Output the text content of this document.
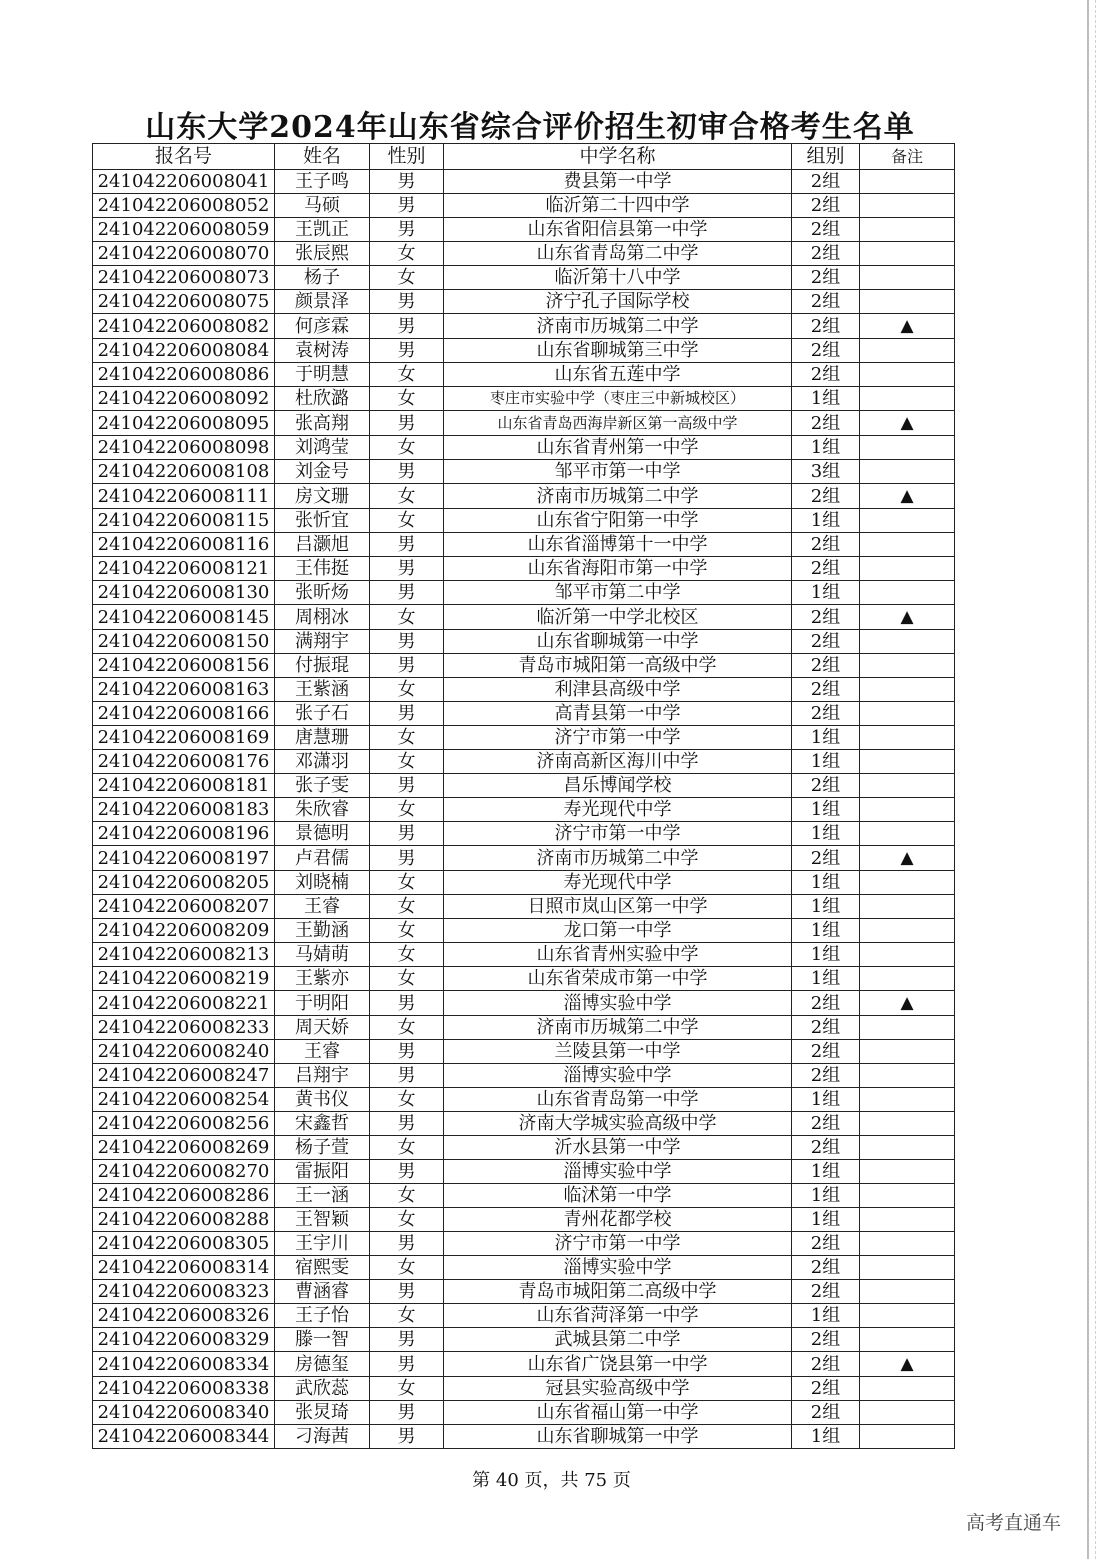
山东大学2024年山东省综合评价招生初审合格考生名单
报名号	姓名	性别	中学名称	组别	备注
241042206008041	王子鸣	男	费县第一中学	2组	
241042206008052	马硕	男	临沂第二十四中学	2组	
241042206008059	王凯正	男	山东省阳信县第一中学	2组	
241042206008070	张辰熙	女	山东省青岛第二中学	2组	
241042206008073	杨子	女	临沂第十八中学	2组	
241042206008075	颜景泽	男	济宁孔子国际学校	2组	
241042206008082	何彦霖	男	济南市历城第二中学	2组	▲
241042206008084	袁树涛	男	山东省聊城第三中学	2组	
241042206008086	于明慧	女	山东省五莲中学	2组	
241042206008092	杜欣潞	女	枣庄市实验中学（枣庄三中新城校区）	1组	
241042206008095	张高翔	男	山东省青岛西海岸新区第一高级中学	2组	▲
241042206008098	刘鸿莹	女	山东省青州第一中学	1组	
241042206008108	刘金号	男	邹平市第一中学	3组	
241042206008111	房文珊	女	济南市历城第二中学	2组	▲
241042206008115	张忻宜	女	山东省宁阳第一中学	1组	
241042206008116	吕灏旭	男	山东省淄博第十一中学	2组	
241042206008121	王伟挺	男	山东省海阳市第一中学	2组	
241042206008130	张昕炀	男	邹平市第二中学	1组	
241042206008145	周栩冰	女	临沂第一中学北校区	2组	▲
241042206008150	满翔宇	男	山东省聊城第一中学	2组	
241042206008156	付振琨	男	青岛市城阳第一高级中学	2组	
241042206008163	王紫涵	女	利津县高级中学	2组	
241042206008166	张子石	男	高青县第一中学	2组	
241042206008169	唐慧珊	女	济宁市第一中学	1组	
241042206008176	邓潇羽	女	济南高新区海川中学	1组	
241042206008181	张子雯	男	昌乐博闻学校	2组	
241042206008183	朱欣睿	女	寿光现代中学	1组	
241042206008196	景德明	男	济宁市第一中学	1组	
241042206008197	卢君儒	男	济南市历城第二中学	2组	▲
241042206008205	刘晓楠	女	寿光现代中学	1组	
241042206008207	王睿	女	日照市岚山区第一中学	1组	
241042206008209	王勤涵	女	龙口第一中学	1组	
241042206008213	马婧萌	女	山东省青州实验中学	1组	
241042206008219	王紫亦	女	山东省荣成市第一中学	1组	
241042206008221	于明阳	男	淄博实验中学	2组	▲
241042206008233	周天娇	女	济南市历城第二中学	2组	
241042206008240	王睿	男	兰陵县第一中学	2组	
241042206008247	吕翔宇	男	淄博实验中学	2组	
241042206008254	黄书仪	女	山东省青岛第一中学	1组	
241042206008256	宋鑫哲	男	济南大学城实验高级中学	2组	
241042206008269	杨子萱	女	沂水县第一中学	2组	
241042206008270	雷振阳	男	淄博实验中学	1组	
241042206008286	王一涵	女	临沭第一中学	1组	
241042206008288	王智颖	女	青州花都学校	1组	
241042206008305	王宇川	男	济宁市第一中学	2组	
241042206008314	宿熙雯	女	淄博实验中学	2组	
241042206008323	曹涵睿	男	青岛市城阳第二高级中学	2组	
241042206008326	王子怡	女	山东省菏泽第一中学	1组	
241042206008329	滕一智	男	武城县第二中学	2组	
241042206008334	房德玺	男	山东省广饶县第一中学	2组	▲
241042206008338	武欣蕊	女	冠县实验高级中学	2组	
241042206008340	张炅琦	男	山东省福山第一中学	2组	
241042206008344	刁海茜	男	山东省聊城第一中学	1组	
第 40 页，共 75 页
高考直通车
